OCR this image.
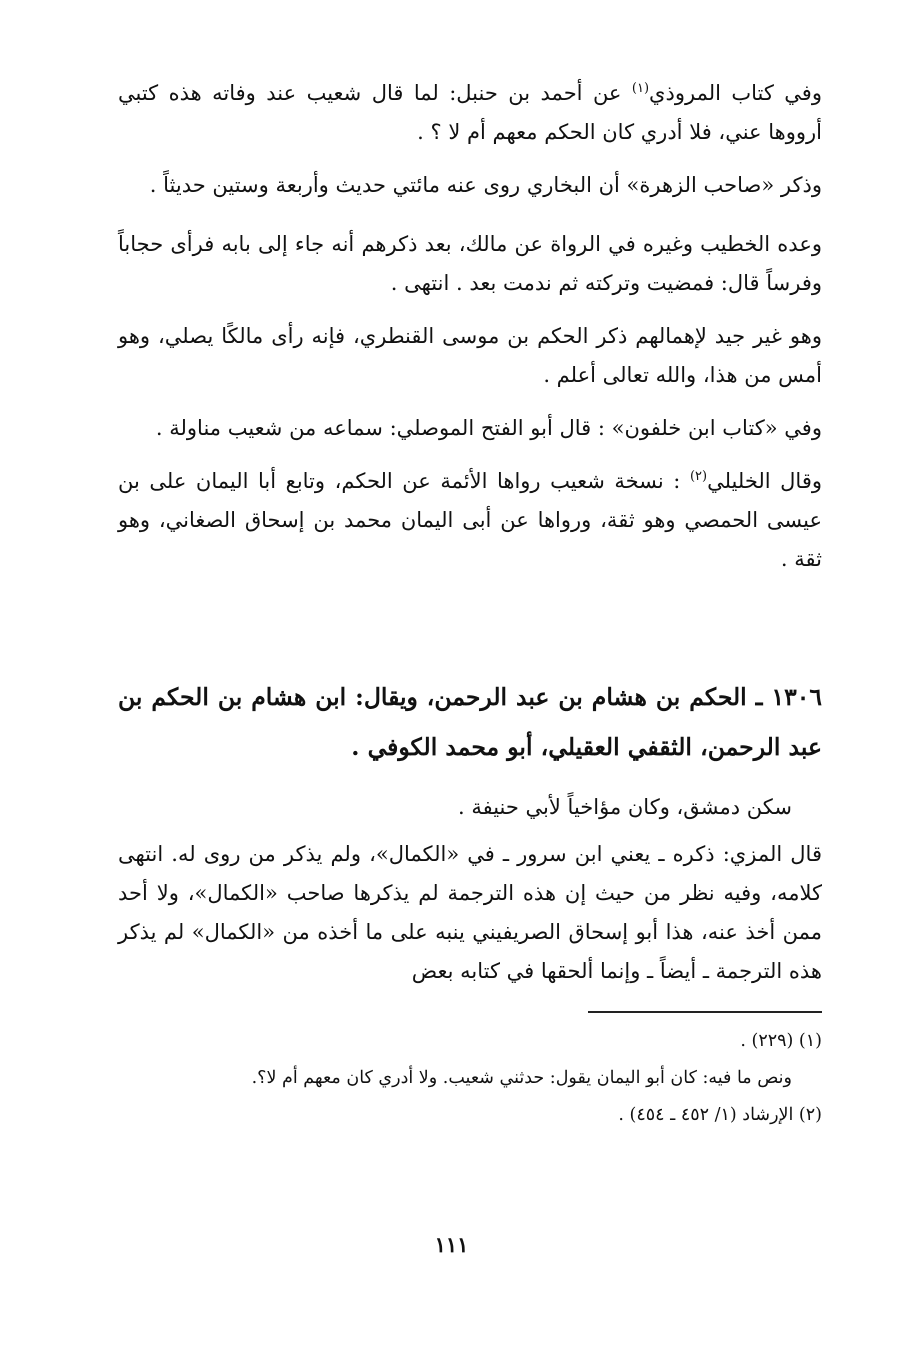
وفي كتاب المروذي$^{(١)}$ عن أحمد بن حنبل: لما قال شعيب عند وفاته هذه كتبي أرووها عني، فلا أدري كان الحكم معهم أم لا ؟ .

وذكر «صاحب الزهرة» أن البخاري روى عنه مائتي حديث وأربعة وستين حديثاً .

وعده الخطيب وغيره في الرواة عن مالك، بعد ذكرهم أنه جاء إلى بابه فرأى حجاباً وفرساً قال: فمضيت وتركته ثم ندمت بعد . انتهى .

وهو غير جيد لإهمالهم ذكر الحكم بن موسى القنطري، فإنه رأى مالكًا يصلي، وهو أمس من هذا، والله تعالى أعلم .

وفي «كتاب ابن خلفون» : قال أبو الفتح الموصلي: سماعه من شعيب مناولة .

وقال الخليلي$^{(٢)}$ : نسخة شعيب رواها الأئمة عن الحكم، وتابع أبا اليمان على بن عيسى الحمصي وهو ثقة، ورواها عن أبى اليمان محمد بن إسحاق الصغاني، وهو ثقة .

١٣٠٦ ـ الحكم بن هشام بن عبد الرحمن، ويقال: ابن هشام بن الحكم بن عبد الرحمن، الثقفي العقيلي، أبو محمد الكوفي .

سكن دمشق، وكان مؤاخياً لأبي حنيفة .

قال المزي: ذكره ـ يعني ابن سرور ـ في «الكمال»، ولم يذكر من روى له. انتهى كلامه، وفيه نظر من حيث إن هذه الترجمة لم يذكرها صاحب «الكمال»، ولا أحد ممن أخذ عنه، هذا أبو إسحاق الصريفيني ينبه على ما أخذه من «الكمال» لم يذكر هذه الترجمة ـ أيضاً ـ وإنما ألحقها في كتابه بعض

(١) (٢٢٩) .

ونص ما فيه: كان أبو اليمان يقول: حدثني شعيب. ولا أدري كان معهم أم لا؟.

(٢) الإرشاد (١/ ٤٥٢ ـ ٤٥٤) .

١١١
